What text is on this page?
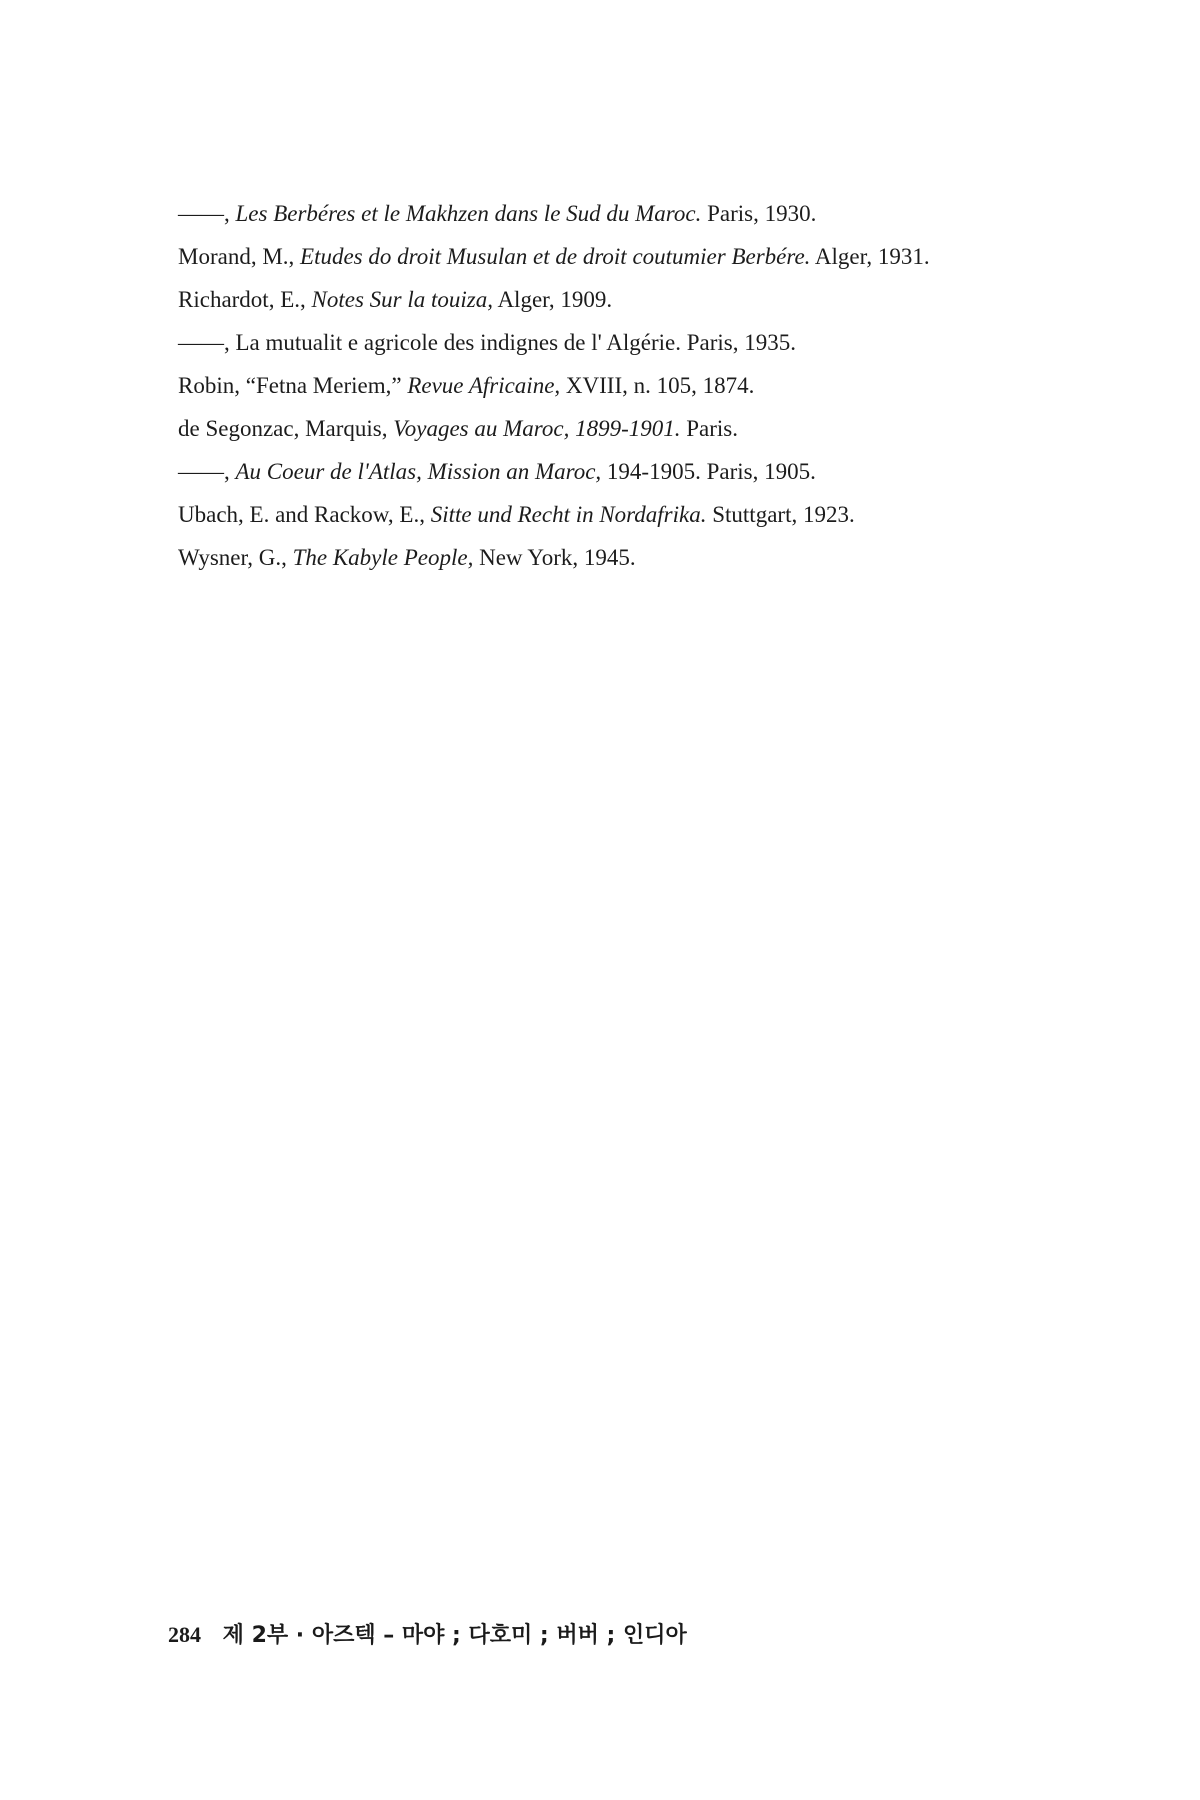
——, Les Berbéres et le Makhzen dans le Sud du Maroc. Paris, 1930.
Morand, M., Etudes do droit Musulan et de droit coutumier Berbére. Alger, 1931.
Richardot, E., Notes Sur la touiza, Alger, 1909.
——, La mutualit e agricole des indignes de l' Algérie. Paris, 1935.
Robin, “Fetna Meriem,” Revue Africaine, XVIII, n. 105, 1874.
de Segonzac, Marquis, Voyages au Maroc, 1899-1901. Paris.
——, Au Coeur de l'Atlas, Mission an Maroc, 194-1905. Paris, 1905.
Ubach, E. and Rackow, E., Sitte und Recht in Nordafrika. Stuttgart, 1923.
Wysner, G., The Kabyle People, New York, 1945.
284 제 2부 · 아즈텍 – 마야 ; 다호미 ; 버버 ; 인디아
